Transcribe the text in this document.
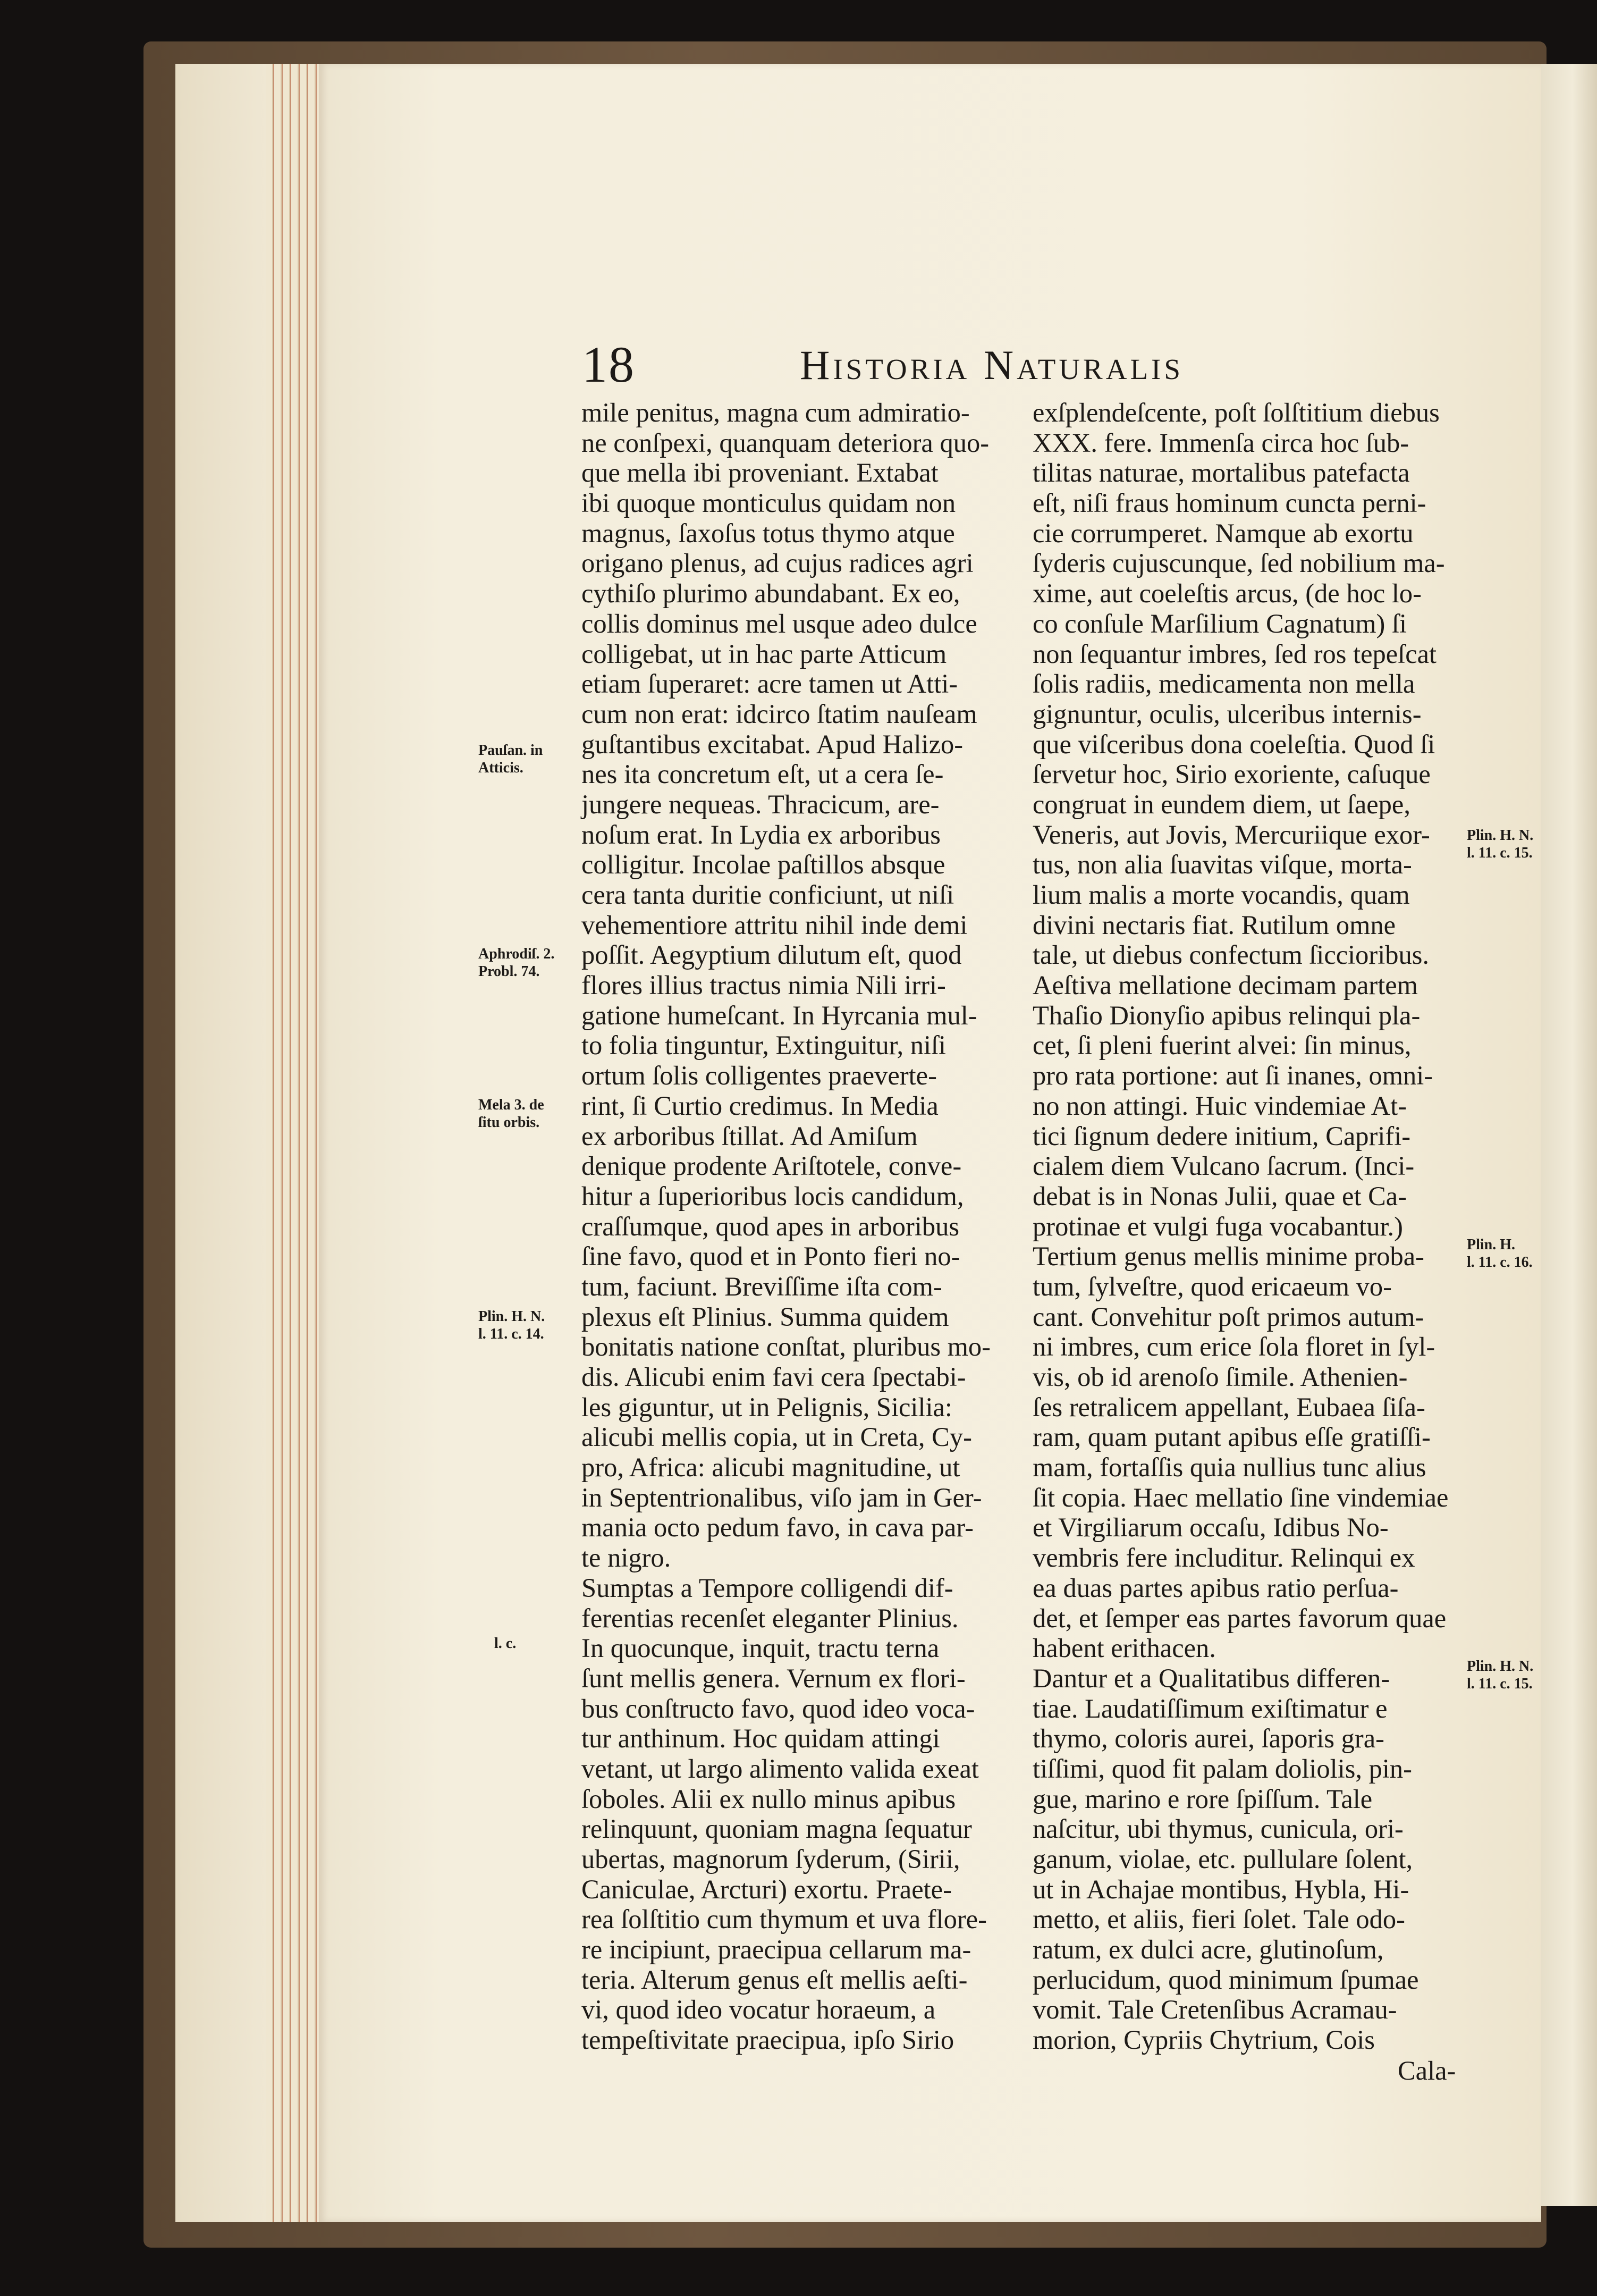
18	Historia Naturalis
mile penitus, magna cum admiratio-
ne conſpexi, quanquam deteriora quo-
que mella ibi proveniant. Extabat
ibi quoque monticulus quidam non
magnus, ſaxoſus totus thymo atque
origano plenus, ad cujus radices agri
cythiſo plurimo abundabant. Ex eo,
collis dominus mel usque adeo dulce
colligebat, ut in hac parte Atticum
etiam ſuperaret: acre tamen ut Atti-
cum non erat: idcirco ſtatim nauſeam
guſtantibus excitabat. Apud Halizo-
nes ita concretum eſt, ut a cera ſe-
jungere nequeas. Thracicum, are-
noſum erat. In Lydia ex arboribus
colligitur. Incolae paſtillos absque
cera tanta duritie conficiunt, ut niſi
vehementiore attritu nihil inde demi
poſſit. Aegyptium dilutum eſt, quod
flores illius tractus nimia Nili irri-
gatione humeſcant. In Hyrcania mul-
to folia tinguntur, Extinguitur, niſi
ortum ſolis colligentes praeverte-
rint, ſi Curtio credimus. In Media
ex arboribus ſtillat. Ad Amiſum
denique prodente Ariſtotele, conve-
hitur a ſuperioribus locis candidum,
craſſumque, quod apes in arboribus
ſine favo, quod et in Ponto fieri no-
tum, faciunt. Breviſſime iſta com-
plexus eſt Plinius. Summa quidem
bonitatis natione conſtat, pluribus mo-
dis. Alicubi enim favi cera ſpectabi-
les giguntur, ut in Pelignis, Sicilia:
alicubi mellis copia, ut in Creta, Cy-
pro, Africa: alicubi magnitudine, ut
in Septentrionalibus, viſo jam in Ger-
mania octo pedum favo, in cava par-
te nigro.
Sumptas a Tempore colligendi dif-
ferentias recenſet eleganter Plinius.
In quocunque, inquit, tractu terna
ſunt mellis genera. Vernum ex flori-
bus conſtructo favo, quod ideo voca-
tur anthinum. Hoc quidam attingi
vetant, ut largo alimento valida exeat
ſoboles. Alii ex nullo minus apibus
relinquunt, quoniam magna ſequatur
ubertas, magnorum ſyderum, (Sirii,
Caniculae, Arcturi) exortu. Praete-
rea ſolſtitio cum thymum et uva flore-
re incipiunt, praecipua cellarum ma-
teria. Alterum genus eſt mellis aeſti-
vi, quod ideo vocatur horaeum, a
tempeſtivitate praecipua, ipſo Sirio
exſplendeſcente, poſt ſolſtitium diebus
XXX. fere. Immenſa circa hoc ſub-
tilitas naturae, mortalibus patefacta
eſt, niſi fraus hominum cuncta perni-
cie corrumperet. Namque ab exortu
ſyderis cujuscunque, ſed nobilium ma-
xime, aut coeleſtis arcus, (de hoc lo-
co conſule Marſilium Cagnatum) ſi
non ſequantur imbres, ſed ros tepeſcat
ſolis radiis, medicamenta non mella
gignuntur, oculis, ulceribus internis-
que viſceribus dona coeleſtia. Quod ſi
ſervetur hoc, Sirio exoriente, caſuque
congruat in eundem diem, ut ſaepe,
Veneris, aut Jovis, Mercuriique exor-
tus, non alia ſuavitas viſque, morta-
lium malis a morte vocandis, quam
divini nectaris fiat. Rutilum omne
tale, ut diebus confectum ſiccioribus.
Aeſtiva mellatione decimam partem
Thaſio Dionyſio apibus relinqui pla-
cet, ſi pleni fuerint alvei: ſin minus,
pro rata portione: aut ſi inanes, omni-
no non attingi. Huic vindemiae At-
tici ſignum dedere initium, Caprifi-
cialem diem Vulcano ſacrum. (Inci-
debat is in Nonas Julii, quae et Ca-
protinae et vulgi fuga vocabantur.)
Tertium genus mellis minime proba-
tum, ſylveſtre, quod ericaeum vo-
cant. Convehitur poſt primos autum-
ni imbres, cum erice ſola floret in ſyl-
vis, ob id arenoſo ſimile. Athenien-
ſes retralicem appellant, Eubaea ſiſa-
ram, quam putant apibus eſſe gratiſſi-
mam, fortaſſis quia nullius tunc alius
ſit copia. Haec mellatio ſine vindemiae
et Virgiliarum occaſu, Idibus No-
vembris fere includitur. Relinqui ex
ea duas partes apibus ratio perſua-
det, et ſemper eas partes favorum quae
habent erithacen.
Dantur et a Qualitatibus differen-
tiae. Laudatiſſimum exiſtimatur e
thymo, coloris aurei, ſaporis gra-
tiſſimi, quod fit palam doliolis, pin-
gue, marino e rore ſpiſſum. Tale
naſcitur, ubi thymus, cunicula, ori-
ganum, violae, etc. pullulare ſolent,
ut in Achajae montibus, Hybla, Hi-
metto, et aliis, fieri ſolet. Tale odo-
ratum, ex dulci acre, glutinoſum,
perlucidum, quod minimum ſpumae
vomit. Tale Cretenſibus Acramau-
morion, Cypriis Chytrium, Cois
Pauſan. in
Atticis.
Aphrodiſ. 2.
Probl. 74.
Mela 3. de
ſitu orbis.
Plin. H. N.
l. 11. c. 14.
l. c.
Plin. H. N.
l. 11. c. 15.
Plin. H.
l. 11. c. 16.
Plin. H. N.
l. 11. c. 15.
Cala-
